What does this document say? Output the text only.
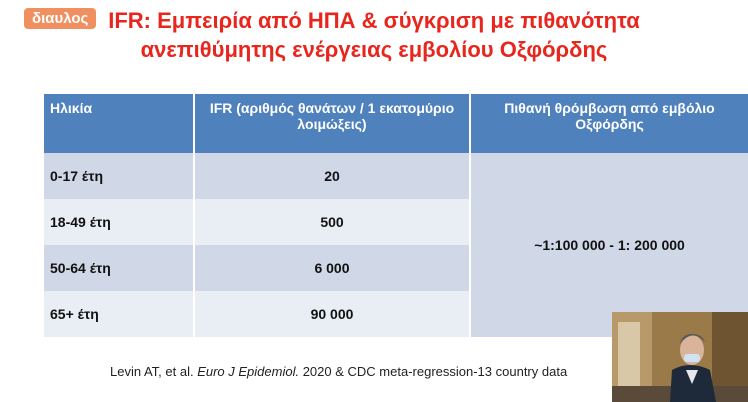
διαυλος IFR: Εμπειρία από ΗΠΑ & σύγκριση με πιθανότητα
ανεπιθύμητης ενέργειας εμβολίου Οξφόρδης
Ηλικία	IFR (αριθμός θανάτων / 1 εκατομύριο λοιμώξεις)	Πιθανή θρόμβωση από εμβόλιο Οξφόρδης
0-17 έτη	20	~1:100 000 - 1: 200 000
18-49 έτη	500	
50-64 έτη	6 000	
65+ έτη	90 000	
Levin AT, et al. Euro J Epidemiol. 2020 & CDC meta-regression-13 country data
